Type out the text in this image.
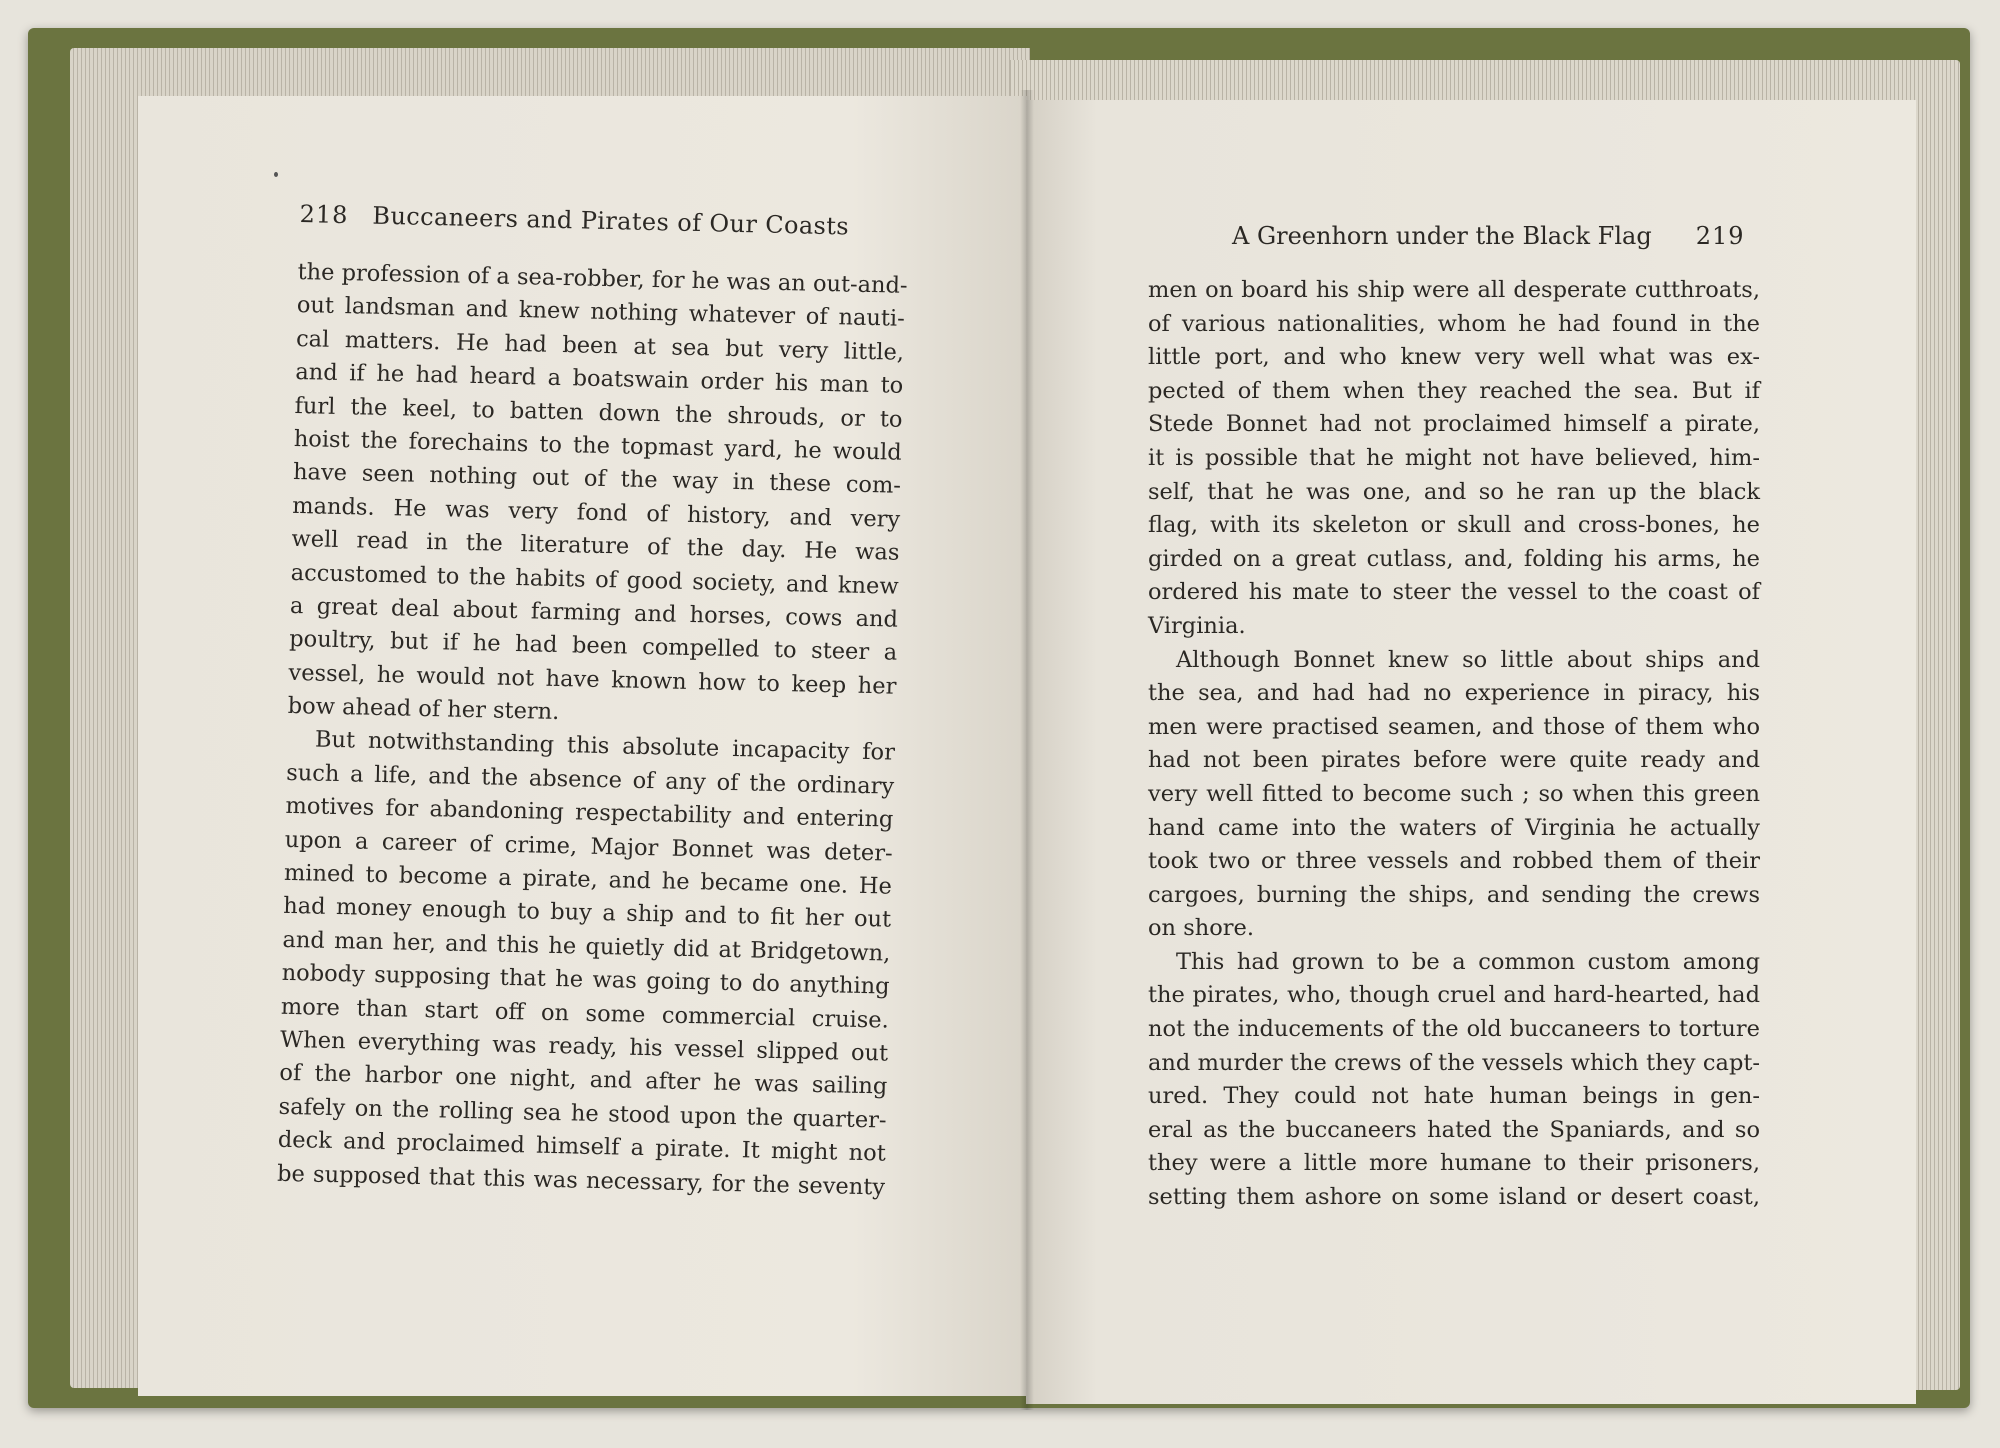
218 Buccaneers and Pirates of Our Coasts
the profession of a sea-robber, for he was an out-and-
out landsman and knew nothing whatever of nauti-
cal matters. He had been at sea but very little,
and if he had heard a boatswain order his man to
furl the keel, to batten down the shrouds, or to
hoist the forechains to the topmast yard, he would
have seen nothing out of the way in these com-
mands. He was very fond of history, and very
well read in the literature of the day. He was
accustomed to the habits of good society, and knew
a great deal about farming and horses, cows and
poultry, but if he had been compelled to steer a
vessel, he would not have known how to keep her
bow ahead of her stern.
But notwithstanding this absolute incapacity for
such a life, and the absence of any of the ordinary
motives for abandoning respectability and entering
upon a career of crime, Major Bonnet was deter-
mined to become a pirate, and he became one. He
had money enough to buy a ship and to fit her out
and man her, and this he quietly did at Bridgetown,
nobody supposing that he was going to do anything
more than start off on some commercial cruise.
When everything was ready, his vessel slipped out
of the harbor one night, and after he was sailing
safely on the rolling sea he stood upon the quarter-
deck and proclaimed himself a pirate. It might not
be supposed that this was necessary, for the seventy
A Greenhorn under the Black Flag 219
men on board his ship were all desperate cutthroats,
of various nationalities, whom he had found in the
little port, and who knew very well what was ex-
pected of them when they reached the sea. But if
Stede Bonnet had not proclaimed himself a pirate,
it is possible that he might not have believed, him-
self, that he was one, and so he ran up the black
flag, with its skeleton or skull and cross-bones, he
girded on a great cutlass, and, folding his arms, he
ordered his mate to steer the vessel to the coast of
Virginia.
Although Bonnet knew so little about ships and
the sea, and had had no experience in piracy, his
men were practised seamen, and those of them who
had not been pirates before were quite ready and
very well fitted to become such ; so when this green
hand came into the waters of Virginia he actually
took two or three vessels and robbed them of their
cargoes, burning the ships, and sending the crews
on shore.
This had grown to be a common custom among
the pirates, who, though cruel and hard-hearted, had
not the inducements of the old buccaneers to torture
and murder the crews of the vessels which they capt-
ured. They could not hate human beings in gen-
eral as the buccaneers hated the Spaniards, and so
they were a little more humane to their prisoners,
setting them ashore on some island or desert coast,
